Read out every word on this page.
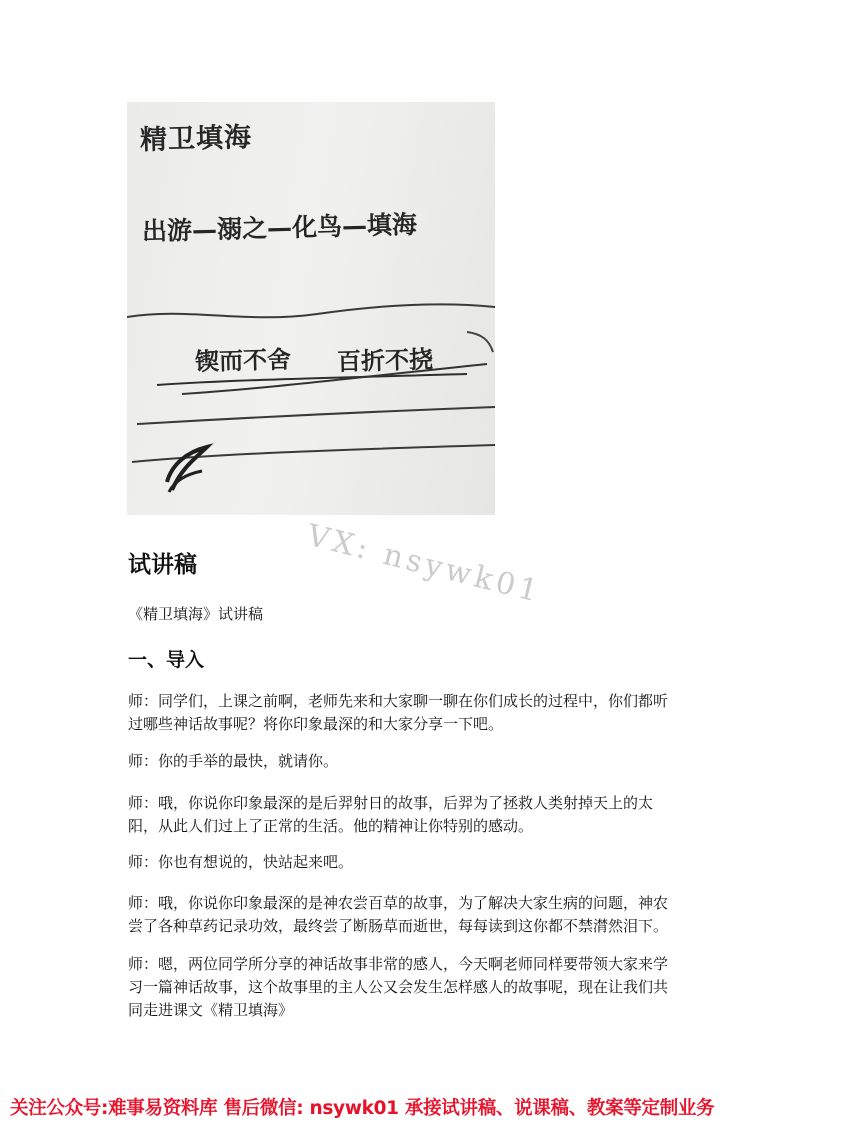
精卫填海
出游—溺之—化鸟—填海
锲而不舍 百折不挠
VX: nsywk01
试讲稿
《精卫填海》试讲稿
一、导入
师：同学们，上课之前啊，老师先来和大家聊一聊在你们成长的过程中，你们都听
过哪些神话故事呢？将你印象最深的和大家分享一下吧。
师：你的手举的最快，就请你。
师：哦，你说你印象最深的是后羿射日的故事，后羿为了拯救人类射掉天上的太
阳，从此人们过上了正常的生活。他的精神让你特别的感动。
师：你也有想说的，快站起来吧。
师：哦，你说你印象最深的是神农尝百草的故事，为了解决大家生病的问题，神农
尝了各种草药记录功效，最终尝了断肠草而逝世，每每读到这你都不禁潸然泪下。
师：嗯，两位同学所分享的神话故事非常的感人，今天啊老师同样要带领大家来学
习一篇神话故事，这个故事里的主人公又会发生怎样感人的故事呢，现在让我们共
同走进课文《精卫填海》
关注公众号:难事易资料库 售后微信: nsywk01 承接试讲稿、说课稿、教案等定制业务
